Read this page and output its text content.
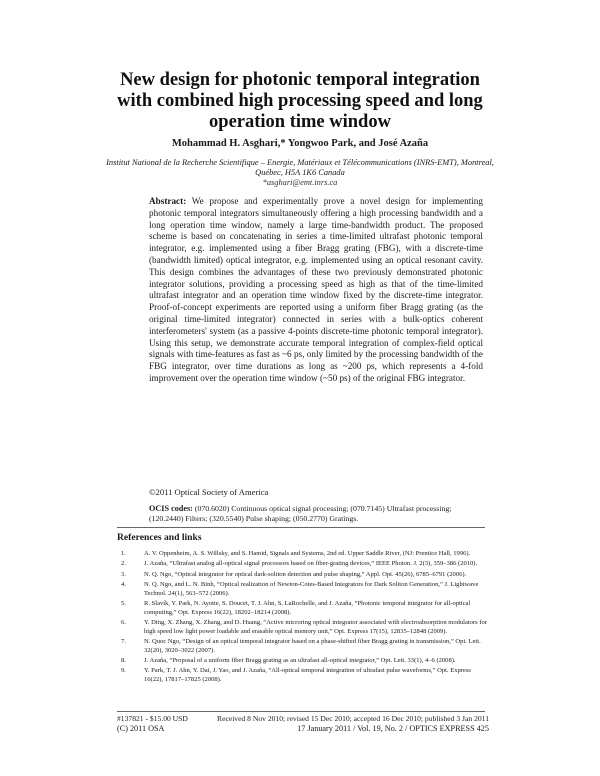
New design for photonic temporal integration
with combined high processing speed and long
operation time window
Mohammad H. Asghari,* Yongwoo Park, and José Azaña
Institut National de la Recherche Scientifique – Energie, Matériaux et Télécommunications (INRS-EMT), Montreal,
Québec, H5A 1K6 Canada
*asghari@emt.inrs.ca
Abstract: We propose and experimentally prove a novel design for implementing photonic temporal integrators simultaneously offering a high processing bandwidth and a long operation time window, namely a large time-bandwidth product. The proposed scheme is based on concatenating in series a time-limited ultrafast photonic temporal integrator, e.g. implemented using a fiber Bragg grating (FBG), with a discrete-time (bandwidth limited) optical integrator, e.g. implemented using an optical resonant cavity. This design combines the advantages of these two previously demonstrated photonic integrator solutions, providing a processing speed as high as that of the time-limited ultrafast integrator and an operation time window fixed by the discrete-time integrator. Proof-of-concept experiments are reported using a uniform fiber Bragg grating (as the original time-limited integrator) connected in series with a bulk-optics coherent interferometers' system (as a passive 4-points discrete-time photonic temporal integrator). Using this setup, we demonstrate accurate temporal integration of complex-field optical signals with time-features as fast as ~6 ps, only limited by the processing bandwidth of the FBG integrator, over time durations as long as ~200 ps, which represents a 4-fold improvement over the operation time window (~50 ps) of the original FBG integrator.
©2011 Optical Society of America
OCIS codes: (070.6020) Continuous optical signal processing; (070.7145) Ultrafast processing; (120.2440) Filters; (320.5540) Pulse shaping; (050.2770) Gratings.
References and links
1.	A. V. Oppenheim, A. S. Willsky, and S. Hamid, Signals and Systems, 2nd ed. Upper Saddle River, (NJ: Prentice Hall, 1996).
2.	J. Azaña, “Ultrafast analog all-optical signal processors based on fiber-grating devices,” IEEE Photon. J. 2(3), 359–386 (2010).
3.	N. Q. Ngo, “Optical integrator for optical dark-soliton detection and pulse shaping,” Appl. Opt. 45(26), 6785–6791 (2006).
4.	N. Q. Ngo, and L. N. Binh, “Optical realization of Newton-Cotes-Based Integrators for Dark Soliton Generation,” J. Lightwave Technol. 24(1), 563–572 (2006).
5.	R. Slavík, Y. Park, N. Ayotte, S. Doucet, T. J. Ahn, S. LaRochelle, and J. Azaña, “Photonic temporal integrator for all-optical computing,” Opt. Express 16(22), 18202–18214 (2008).
6.	Y. Ding, X. Zhang, X. Zhang, and D. Huang, “Active microring optical integrator associated with electroabsorption modulators for high speed low light power loadable and erasable optical memory unit,” Opt. Express 17(15), 12835–12848 (2009).
7.	N. Quoc Ngo, “Design of an optical temporal integrator based on a phase-shifted fiber Bragg grating in transmission,” Opt. Lett. 32(20), 3020–3022 (2007).
8.	J. Azaña, “Proposal of a uniform fiber Bragg grating as an ultrafast all-optical integrator,” Opt. Lett. 33(1), 4–6 (2008).
9.	Y. Park, T. J. Ahn, Y. Dai, J. Yao, and J. Azaña, “All-optical temporal integration of ultrafast pulse waveforms,” Opt. Express 16(22), 17817–17825 (2008).
#137821 - $15.00 USD	Received 8 Nov 2010; revised 15 Dec 2010; accepted 16 Dec 2010; published 3 Jan 2011
(C) 2011 OSA	17 January 2011 / Vol. 19, No. 2 / OPTICS EXPRESS 425
